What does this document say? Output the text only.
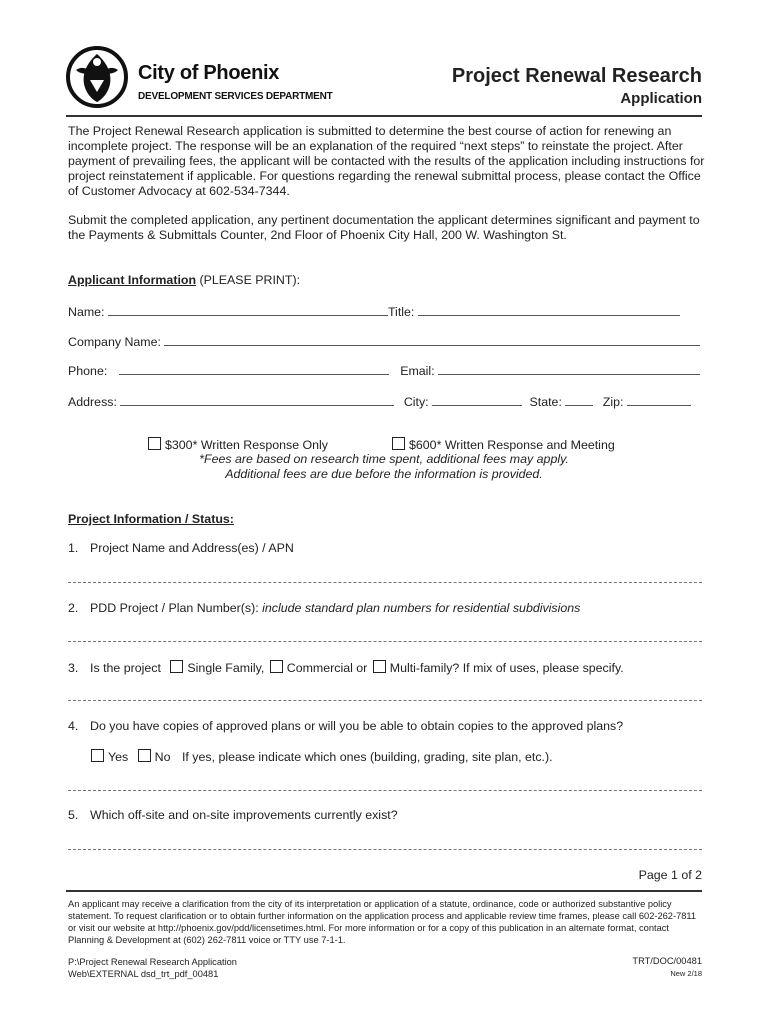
City of Phoenix
DEVELOPMENT SERVICES DEPARTMENT
Project Renewal Research
Application
The Project Renewal Research application is submitted to determine the best course of action for renewing an incomplete project. The response will be an explanation of the required “next steps” to reinstate the project. After payment of prevailing fees, the applicant will be contacted with the results of the application including instructions for project reinstatement if applicable. For questions regarding the renewal submittal process, please contact the Office of Customer Advocacy at 602-534-7344.
Submit the completed application, any pertinent documentation the applicant determines significant and payment to the Payments & Submittals Counter, 2nd Floor of Phoenix City Hall, 200 W. Washington St.
Applicant Information (PLEASE PRINT):
Name:	Title:
Company Name:
Phone:	Email:
Address:	City:	State:	Zip:
$300* Written Response Only	$600* Written Response and Meeting
*Fees are based on research time spent, additional fees may apply.
Additional fees are due before the information is provided.
Project Information / Status:
1. Project Name and Address(es) / APN
2. PDD Project / Plan Number(s): include standard plan numbers for residential subdivisions
3. Is the project Single Family, Commercial or Multi-family? If mix of uses, please specify.
4. Do you have copies of approved plans or will you be able to obtain copies to the approved plans?
Yes No If yes, please indicate which ones (building, grading, site plan, etc.).
5. Which off-site and on-site improvements currently exist?
Page 1 of 2
An applicant may receive a clarification from the city of its interpretation or application of a statute, ordinance, code or authorized substantive policy statement. To request clarification or to obtain further information on the application process and applicable review time frames, please call 602-262-7811 or visit our website at http://phoenix.gov/pdd/licensetimes.html. For more information or for a copy of this publication in an alternate format, contact Planning & Development at (602) 262-7811 voice or TTY use 7-1-1.
P:\Project Renewal Research Application
Web\EXTERNAL dsd_trt_pdf_00481
TRT/DOC/00481
New 2/18
